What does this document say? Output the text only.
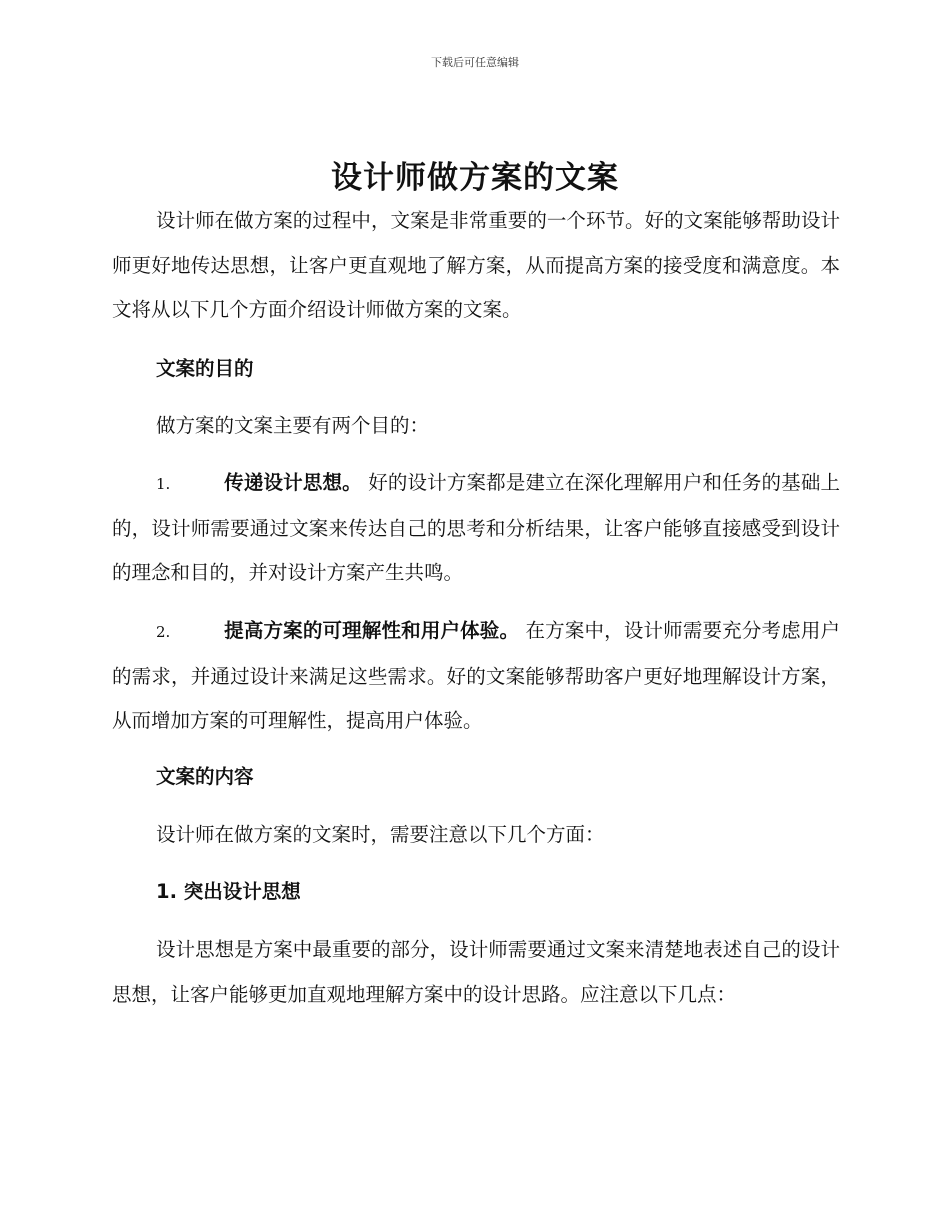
下载后可任意编辑
设计师做方案的文案
设计师在做方案的过程中，文案是非常重要的一个环节。好的文案能够帮助设计师更好地传达思想，让客户更直观地了解方案，从而提高方案的接受度和满意度。本文将从以下几个方面介绍设计师做方案的文案。
文案的目的
做方案的文案主要有两个目的：
1.	传递设计思想。 好的设计方案都是建立在深化理解用户和任务的基础上的，设计师需要通过文案来传达自己的思考和分析结果，让客户能够直接感受到设计的理念和目的，并对设计方案产生共鸣。
2.	提高方案的可理解性和用户体验。 在方案中，设计师需要充分考虑用户的需求，并通过设计来满足这些需求。好的文案能够帮助客户更好地理解设计方案，从而增加方案的可理解性，提高用户体验。
文案的内容
设计师在做方案的文案时，需要注意以下几个方面：
1. 突出设计思想
设计思想是方案中最重要的部分，设计师需要通过文案来清楚地表述自己的设计思想，让客户能够更加直观地理解方案中的设计思路。应注意以下几点：
